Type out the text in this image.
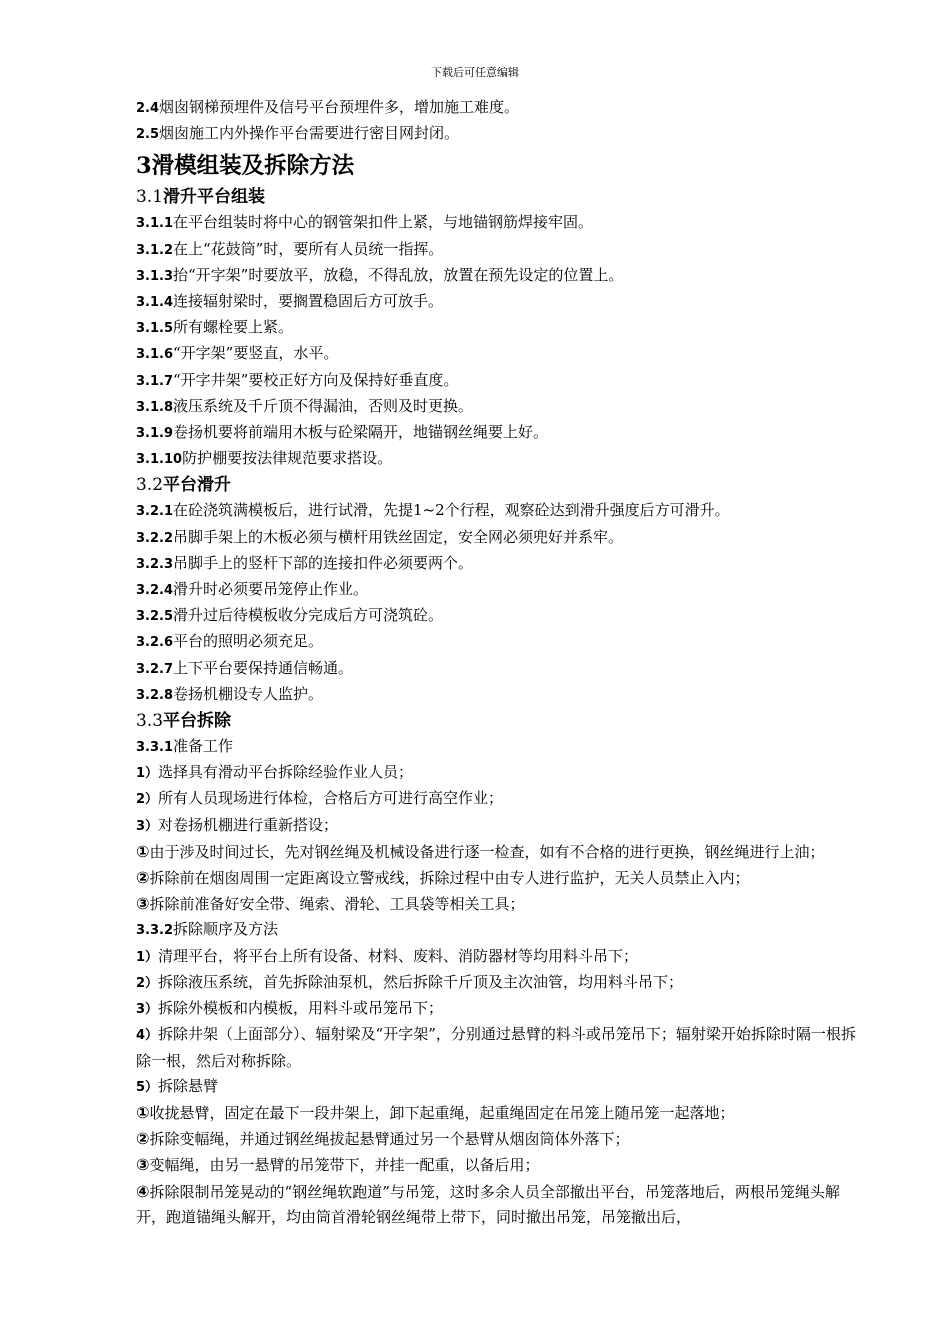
下载后可任意编辑
2.4烟囱钢梯预埋件及信号平台预埋件多，增加施工难度。
2.5烟囱施工内外操作平台需要进行密目网封闭。
3滑模组装及拆除方法
3.1滑升平台组装
3.1.1在平台组装时将中心的钢管架扣件上紧，与地锚钢筋焊接牢固。
3.1.2在上“花鼓筒”时，要所有人员统一指挥。
3.1.3抬“开字架”时要放平，放稳，不得乱放，放置在预先设定的位置上。
3.1.4连接辐射梁时，要搁置稳固后方可放手。
3.1.5所有螺栓要上紧。
3.1.6“开字架”要竖直，水平。
3.1.7“开字井架”要校正好方向及保持好垂直度。
3.1.8液压系统及千斤顶不得漏油，否则及时更换。
3.1.9卷扬机要将前端用木板与砼梁隔开，地锚钢丝绳要上好。
3.1.10防护棚要按法律规范要求搭设。
3.2平台滑升
3.2.1在砼浇筑满模板后，进行试滑，先提1~2个行程，观察砼达到滑升强度后方可滑升。
3.2.2吊脚手架上的木板必须与横杆用铁丝固定，安全网必须兜好并系牢。
3.2.3吊脚手上的竖杆下部的连接扣件必须要两个。
3.2.4滑升时必须要吊笼停止作业。
3.2.5滑升过后待模板收分完成后方可浇筑砼。
3.2.6平台的照明必须充足。
3.2.7上下平台要保持通信畅通。
3.2.8卷扬机棚设专人监护。
3.3平台拆除
3.3.1准备工作
1）选择具有滑动平台拆除经验作业人员；
2）所有人员现场进行体检，合格后方可进行高空作业；
3）对卷扬机棚进行重新搭设；
①由于涉及时间过长，先对钢丝绳及机械设备进行逐一检查，如有不合格的进行更换，钢丝绳进行上油；
②拆除前在烟囱周围一定距离设立警戒线，拆除过程中由专人进行监护，无关人员禁止入内；
③拆除前准备好安全带、绳索、滑轮、工具袋等相关工具；
3.3.2拆除顺序及方法
1）清理平台，将平台上所有设备、材料、废料、消防器材等均用料斗吊下；
2）拆除液压系统，首先拆除油泵机，然后拆除千斤顶及主次油管，均用料斗吊下；
3）拆除外模板和内模板，用料斗或吊笼吊下；
4）拆除井架（上面部分）、辐射梁及“开字架”，分别通过悬臂的料斗或吊笼吊下；辐射梁开始拆除时隔一根拆除一根，然后对称拆除。
5）拆除悬臂
①收拢悬臂，固定在最下一段井架上，卸下起重绳，起重绳固定在吊笼上随吊笼一起落地；
②拆除变幅绳，并通过钢丝绳拔起悬臂通过另一个悬臂从烟囱筒体外落下；
③变幅绳，由另一悬臂的吊笼带下，并挂一配重，以备后用；
④拆除限制吊笼晃动的“钢丝绳软跑道”与吊笼，这时多余人员全部撤出平台，吊笼落地后，两根吊笼绳头解开，跑道锚绳头解开，均由筒首滑轮钢丝绳带上带下，同时撤出吊笼，吊笼撤出后，
